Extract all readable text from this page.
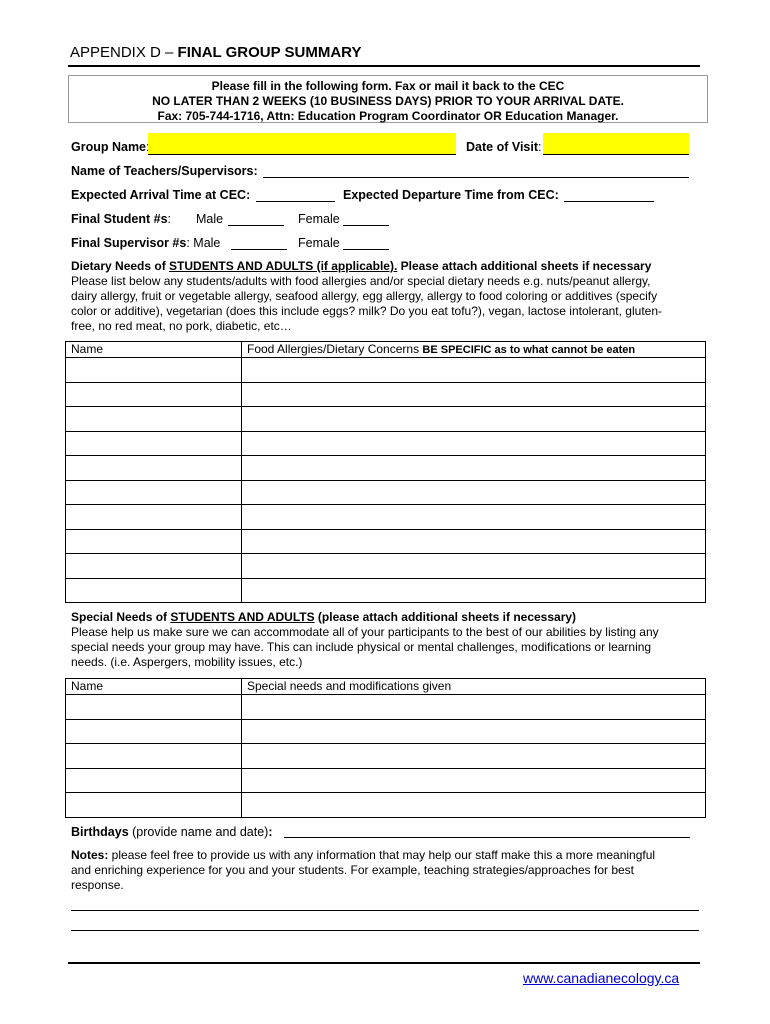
APPENDIX D – FINAL GROUP SUMMARY
Please fill in the following form. Fax or mail it back to the CEC
NO LATER THAN 2 WEEKS (10 BUSINESS DAYS) PRIOR TO YOUR ARRIVAL DATE.
Fax: 705-744-1716, Attn: Education Program Coordinator OR Education Manager.
Group Name	Date of Visit:
Name of Teachers/Supervisors:
Expected Arrival Time at CEC:	Expected Departure Time from CEC:
Final Student #s: Male	Female
Final Supervisor #s: Male	Female
Dietary Needs of STUDENTS AND ADULTS (if applicable). Please attach additional sheets if necessary
Please list below any students/adults with food allergies and/or special dietary needs e.g. nuts/peanut allergy,
dairy allergy, fruit or vegetable allergy, seafood allergy, egg allergy, allergy to food coloring or additives (specify
color or additive), vegetarian (does this include eggs? milk? Do you eat tofu?), vegan, lactose intolerant, gluten-
free, no red meat, no pork, diabetic, etc…
Name	Food Allergies/Dietary Concerns BE SPECIFIC as to what cannot be eaten

Special Needs of STUDENTS AND ADULTS (please attach additional sheets if necessary)
Please help us make sure we can accommodate all of your participants to the best of our abilities by listing any
special needs your group may have. This can include physical or mental challenges, modifications or learning
needs. (i.e. Aspergers, mobility issues, etc.)
Name	Special needs and modifications given

Birthdays (provide name and date):
Notes: please feel free to provide us with any information that may help our staff make this a more meaningful
and enriching experience for you and your students. For example, teaching strategies/approaches for best
response.
www.canadianecology.ca
